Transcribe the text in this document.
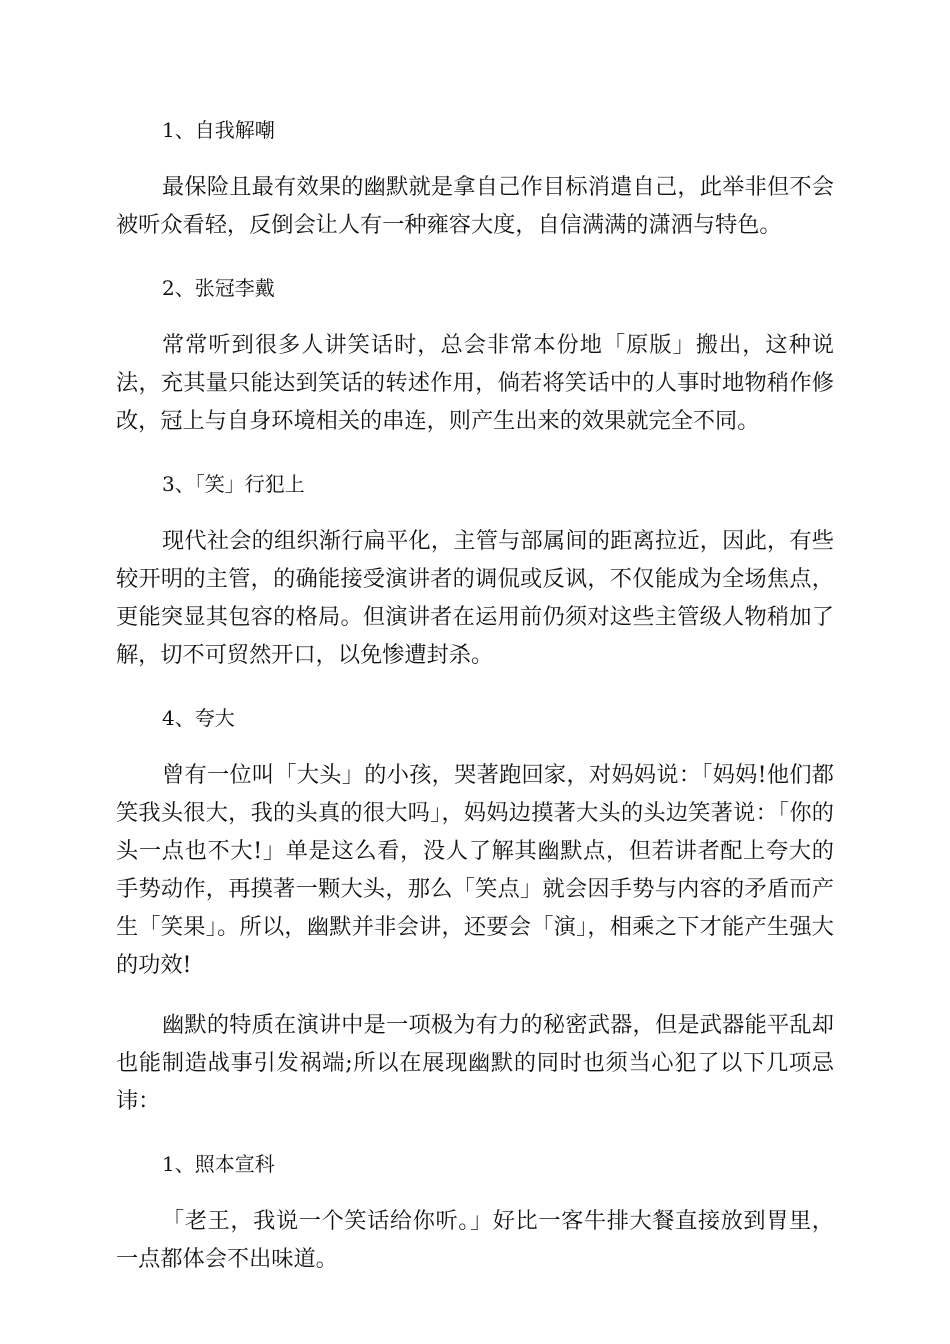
1、自我解嘲

最保险且最有效果的幽默就是拿自己作目标消遣自己，此举非但不会被听众看轻，反倒会让人有一种雍容大度，自信满满的潇洒与特色。

2、张冠李戴

常常听到很多人讲笑话时，总会非常本份地「原版」搬出，这种说法，充其量只能达到笑话的转述作用，倘若将笑话中的人事时地物稍作修改，冠上与自身环境相关的串连，则产生出来的效果就完全不同。

3、「笑」行犯上

现代社会的组织渐行扁平化，主管与部属间的距离拉近，因此，有些较开明的主管，的确能接受演讲者的调侃或反讽，不仅能成为全场焦点，更能突显其包容的格局。但演讲者在运用前仍须对这些主管级人物稍加了解，切不可贸然开口，以免惨遭封杀。

4、夸大

曾有一位叫「大头」的小孩，哭著跑回家，对妈妈说：「妈妈!他们都笑我头很大，我的头真的很大吗」，妈妈边摸著大头的头边笑著说：「你的头一点也不大!」单是这么看，没人了解其幽默点，但若讲者配上夸大的手势动作，再摸著一颗大头，那么「笑点」就会因手势与内容的矛盾而产生「笑果」。所以，幽默并非会讲，还要会「演」，相乘之下才能产生强大的功效!

幽默的特质在演讲中是一项极为有力的秘密武器，但是武器能平乱却也能制造战事引发祸端;所以在展现幽默的同时也须当心犯了以下几项忌讳：

1、照本宣科

「老王，我说一个笑话给你听。」好比一客牛排大餐直接放到胃里，一点都体会不出味道。
